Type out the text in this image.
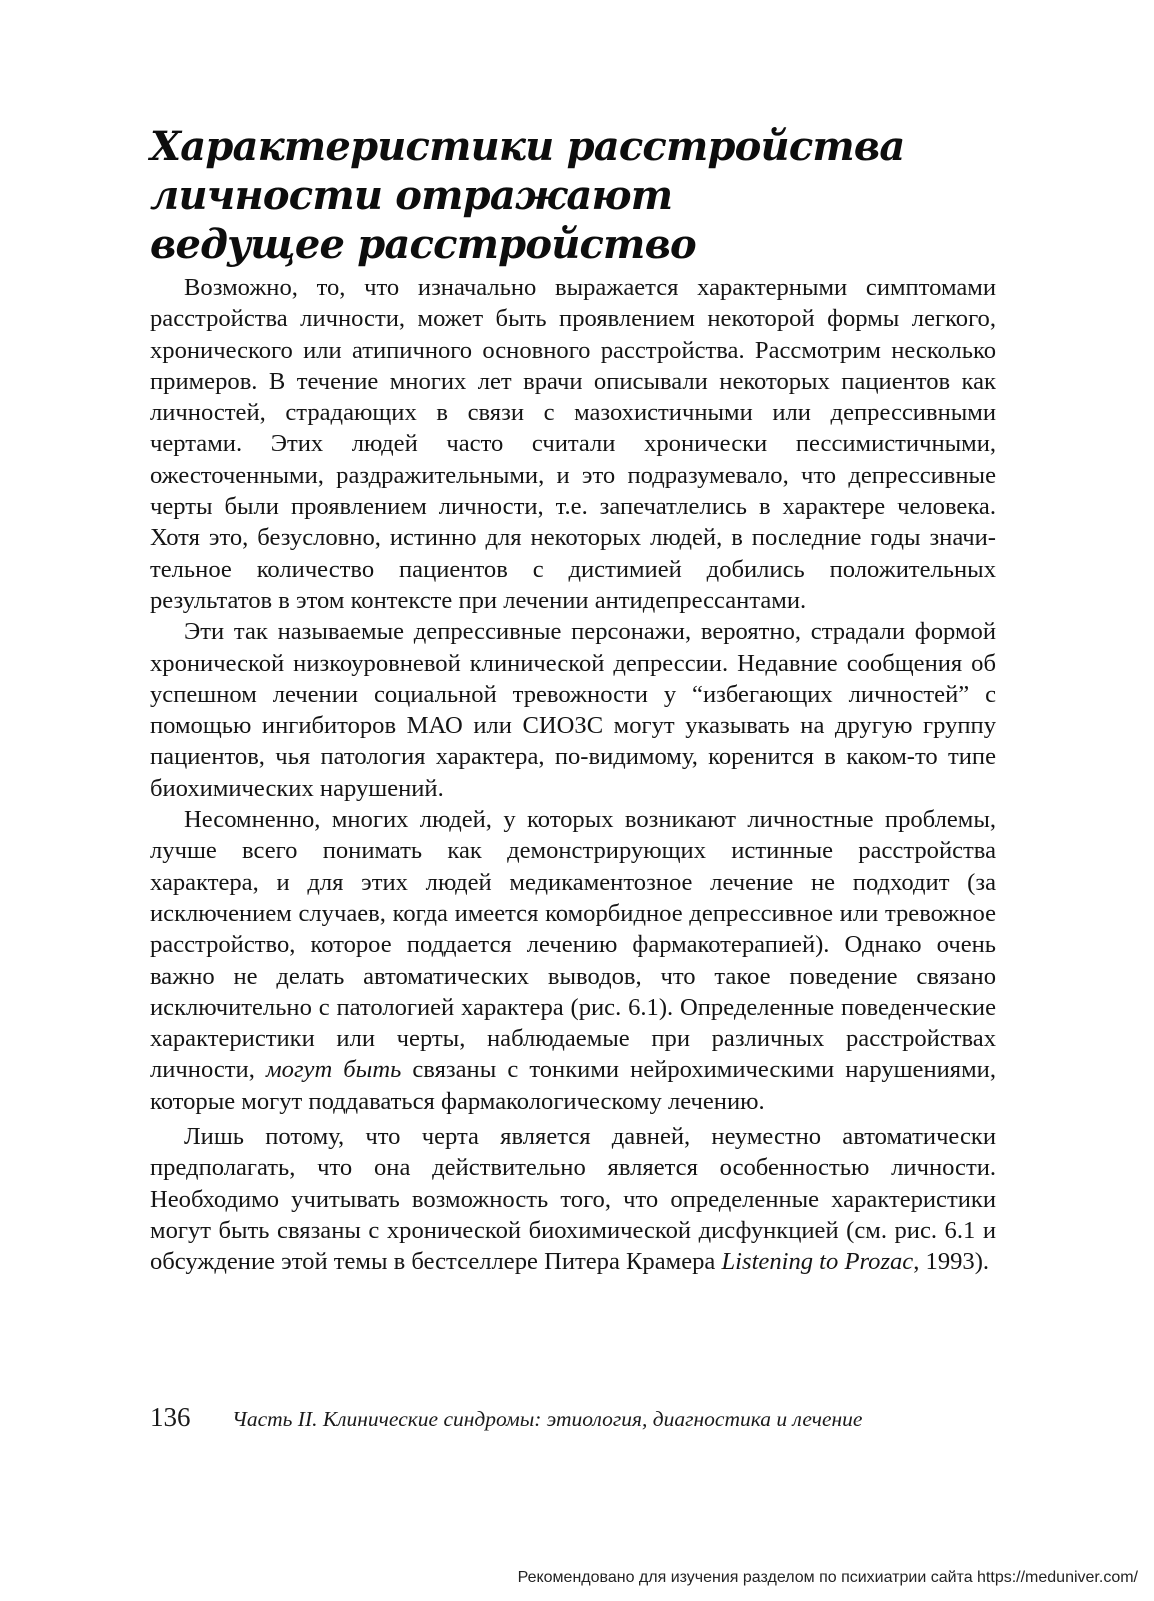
Характеристики расстройства
личности отражают
ведущее расстройство

Возможно, то, что изначально выражается характерными симптомами расстройства личности, может быть проявлением некоторой формы легкого, хронического или атипичного основного расстройства. Рассмотрим несколько примеров. В течение многих лет врачи описывали некоторых пациентов как личностей, страдающих в связи с мазохистичными или депрессивными чертами. Этих людей часто считали хронически пессимистичными, ожесточенными, раздражительными, и это подразумевало, что депрессивные черты были проявлением личности, т.е. запечатлелись в характере человека. Хотя это, безусловно, истинно для некоторых людей, в последние годы значительное количество пациентов с дистимией добились положительных результатов в этом контексте при лечении антидепрессантами.

Эти так называемые депрессивные персонажи, вероятно, страдали формой хронической низкоуровневой клинической депрессии. Недавние сообщения об успешном лечении социальной тревожности у “избегающих личностей” с помощью ингибиторов МАО или СИОЗС могут указывать на другую группу пациентов, чья патология характера, по-видимому, коренится в каком-то типе биохимических нарушений.

Несомненно, многих людей, у которых возникают личностные проблемы, лучше всего понимать как демонстрирующих истинные расстройства характера, и для этих людей медикаментозное лечение не подходит (за исключением случаев, когда имеется коморбидное депрессивное или тревожное расстройство, которое поддается лечению фармакотерапией). Однако очень важно не делать автоматических выводов, что такое поведение связано исключительно с патологией характера (рис. 6.1). Определенные поведенческие характеристики или черты, наблюдаемые при различных расстройствах личности, могут быть связаны с тонкими нейрохимическими нарушениями, которые могут поддаваться фармакологическому лечению.

Лишь потому, что черта является давней, неуместно автоматически предполагать, что она действительно является особенностью личности. Необходимо учитывать возможность того, что определенные характеристики могут быть связаны с хронической биохимической дисфункцией (см. рис. 6.1 и обсуждение этой темы в бестселлере Питера Крамера Listening to Prozac, 1993).

136 Часть II. Клинические синдромы: этиология, диагностика и лечение
Рекомендовано для изучения разделом по психиатрии сайта https://meduniver.com/
